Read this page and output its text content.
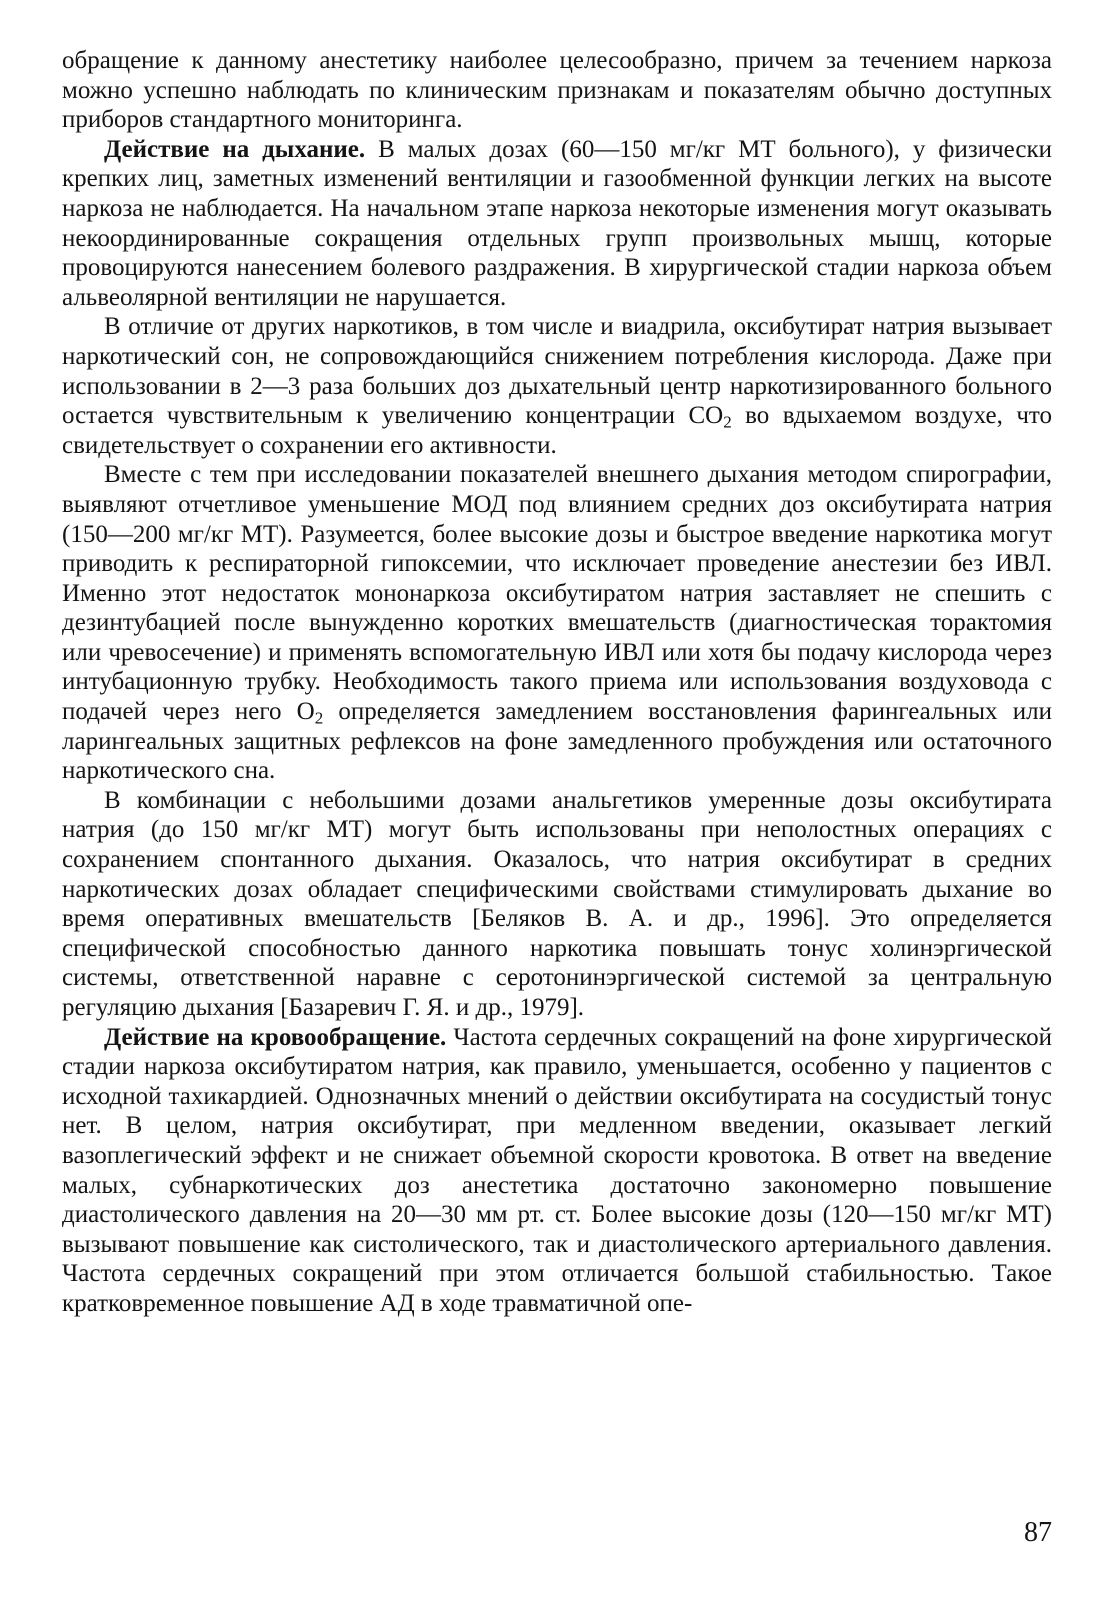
обращение к данному анестетику наиболее целесообразно, причем за течением наркоза можно успешно наблюдать по клиническим признакам и показателям обычно доступных приборов стандартного мониторинга.

Действие на дыхание. В малых дозах (60—150 мг/кг МТ больного), у физически крепких лиц, заметных изменений вентиляции и газообменной функции легких на высоте наркоза не наблюдается. На начальном этапе наркоза некоторые изменения могут оказывать некоординированные сокращения отдельных групп произвольных мышц, которые провоцируются нанесением болевого раздражения. В хирургической стадии наркоза объем альвеолярной вентиляции не нарушается.

В отличие от других наркотиков, в том числе и виадрила, оксибутират натрия вызывает наркотический сон, не сопровождающийся снижением потребления кислорода. Даже при использовании в 2—3 раза больших доз дыхательный центр наркотизированного больного остается чувствительным к увеличению концентрации $CO_2$ во вдыхаемом воздухе, что свидетельствует о сохранении его активности.

Вместе с тем при исследовании показателей внешнего дыхания методом спирографии, выявляют отчетливое уменьшение МОД под влиянием средних доз оксибутирата натрия (150—200 мг/кг МТ). Разумеется, более высокие дозы и быстрое введение наркотика могут приводить к респираторной гипоксемии, что исключает проведение анестезии без ИВЛ. Именно этот недостаток мононаркоза оксибутиратом натрия заставляет не спешить с дезинтубацией после вынужденно коротких вмешательств (диагностическая торактомия или чревосечение) и применять вспомогательную ИВЛ или хотя бы подачу кислорода через интубационную трубку. Необходимость такого приема или использования воздуховода с подачей через него $O_2$ определяется замедлением восстановления фарингеальных или ларингеальных защитных рефлексов на фоне замедленного пробуждения или остаточного наркотического сна.

В комбинации с небольшими дозами анальгетиков умеренные дозы оксибутирата натрия (до 150 мг/кг МТ) могут быть использованы при неполостных операциях с сохранением спонтанного дыхания. Оказалось, что натрия оксибутират в средних наркотических дозах обладает специфическими свойствами стимулировать дыхание во время оперативных вмешательств [Беляков В. А. и др., 1996]. Это определяется специфической способностью данного наркотика повышать тонус холинэргической системы, ответственной наравне с серотонинэргической системой за центральную регуляцию дыхания [Базаревич Г. Я. и др., 1979].

Действие на кровообращение. Частота сердечных сокращений на фоне хирургической стадии наркоза оксибутиратом натрия, как правило, уменьшается, особенно у пациентов с исходной тахикардией. Однозначных мнений о действии оксибутирата на сосудистый тонус нет. В целом, натрия оксибутират, при медленном введении, оказывает легкий вазоплегический эффект и не снижает объемной скорости кровотока. В ответ на введение малых, субнаркотических доз анестетика достаточно закономерно повышение диастолического давления на 20—30 мм рт. ст. Более высокие дозы (120—150 мг/кг МТ) вызывают повышение как систолического, так и диастолического артериального давления. Частота сердечных сокращений при этом отличается большой стабильностью. Такое кратковременное повышение АД в ходе травматичной опе-

87
